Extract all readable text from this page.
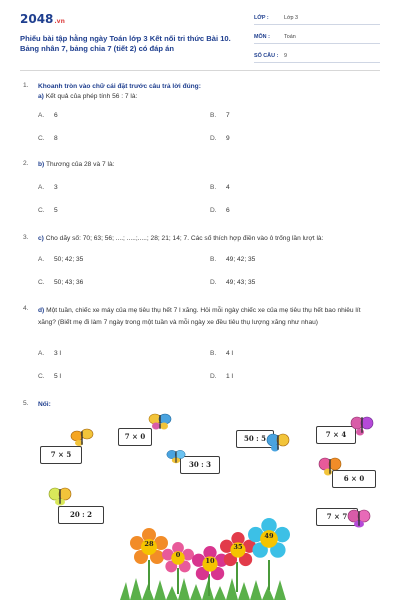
2048.vn
Phiếu bài tập hằng ngày Toán lớp 3 Kết nối tri thức Bài 10. Bảng nhân 7, bảng chia 7 (tiết 2) có đáp án
LỚP :	Lớp 3
MÔN :	Toán
SỐ CÂU : 9
1. Khoanh tròn vào chữ cái đặt trước câu trả lời đúng:
a) Kết quả của phép tính 56 : 7 là:
A. 6	B. 7
C. 8	D. 9
2. b) Thương của 28 và 7 là:
A. 3	B. 4
C. 5	D. 6
3. c) Cho dãy số: 70; 63; 56; ....; .....;.....; 28; 21; 14; 7. Các số thích hợp điền vào ô trống lần lượt là:
A. 50; 42; 35	B. 49; 42; 35
C. 50; 43; 36	D. 49; 43; 35
4. d) Một tuần, chiếc xe máy của mẹ tiêu thụ hết 7 l xăng. Hỏi mỗi ngày chiếc xe của mẹ tiêu thụ hết bao nhiêu lít xăng? (Biết mẹ đi làm 7 ngày trong một tuần và mỗi ngày xe đều tiêu thụ lượng xăng như nhau)
A. 3 l	B. 4 l
C. 5 l	D. 1 l
5. Nối:
7 × 0
7 × 5
30 : 3
50 : 5	7 × 4
6 × 0
20 : 2	7 × 7
28
0
10
35
49
